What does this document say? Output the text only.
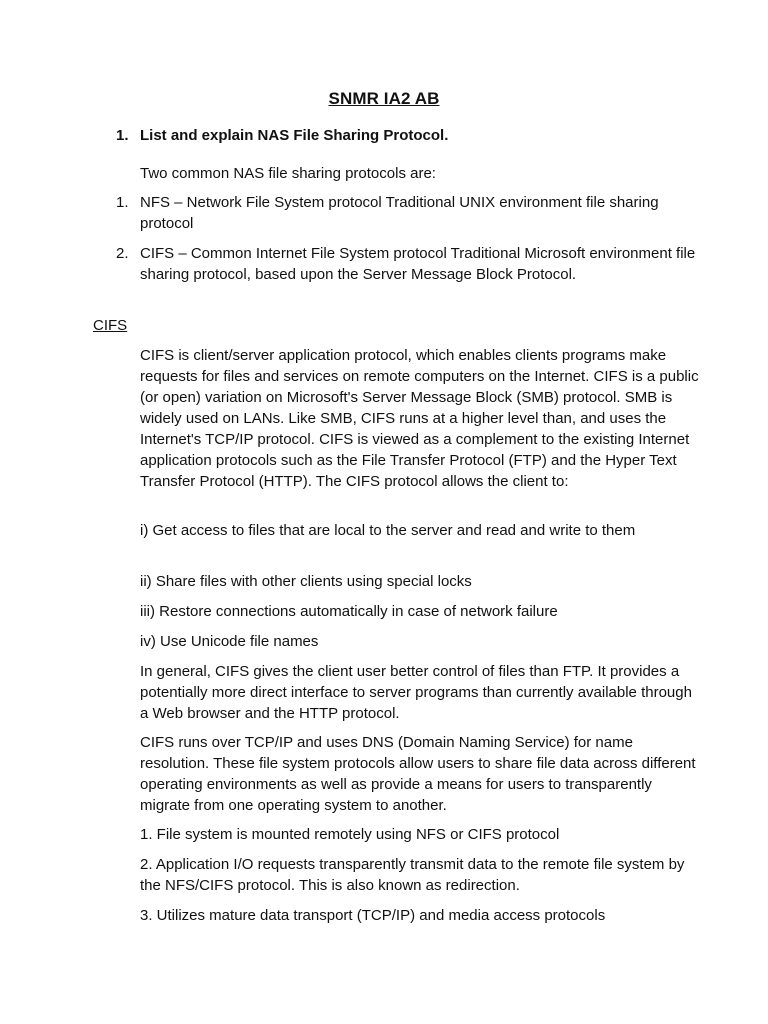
SNMR IA2 AB
1. List and explain NAS File Sharing Protocol.
Two common NAS file sharing protocols are:
1. NFS – Network File System protocol Traditional UNIX environment file sharing protocol
2. CIFS – Common Internet File System protocol Traditional Microsoft environment file sharing protocol, based upon the Server Message Block Protocol.
CIFS
CIFS is client/server application protocol, which enables clients programs make requests for files and services on remote computers on the Internet. CIFS is a public (or open) variation on Microsoft's Server Message Block (SMB) protocol. SMB is widely used on LANs. Like SMB, CIFS runs at a higher level than, and uses the Internet's TCP/IP protocol. CIFS is viewed as a complement to the existing Internet application protocols such as the File Transfer Protocol (FTP) and the Hyper Text Transfer Protocol (HTTP). The CIFS protocol allows the client to:
i) Get access to files that are local to the server and read and write to them
ii) Share files with other clients using special locks
iii) Restore connections automatically in case of network failure
iv) Use Unicode file names
In general, CIFS gives the client user better control of files than FTP. It provides a potentially more direct interface to server programs than currently available through a Web browser and the HTTP protocol.
CIFS runs over TCP/IP and uses DNS (Domain Naming Service) for name resolution. These file system protocols allow users to share file data across different operating environments as well as provide a means for users to transparently migrate from one operating system to another.
1. File system is mounted remotely using NFS or CIFS protocol
2. Application I/O requests transparently transmit data to the remote file system by the NFS/CIFS protocol. This is also known as redirection.
3. Utilizes mature data transport (TCP/IP) and media access protocols
